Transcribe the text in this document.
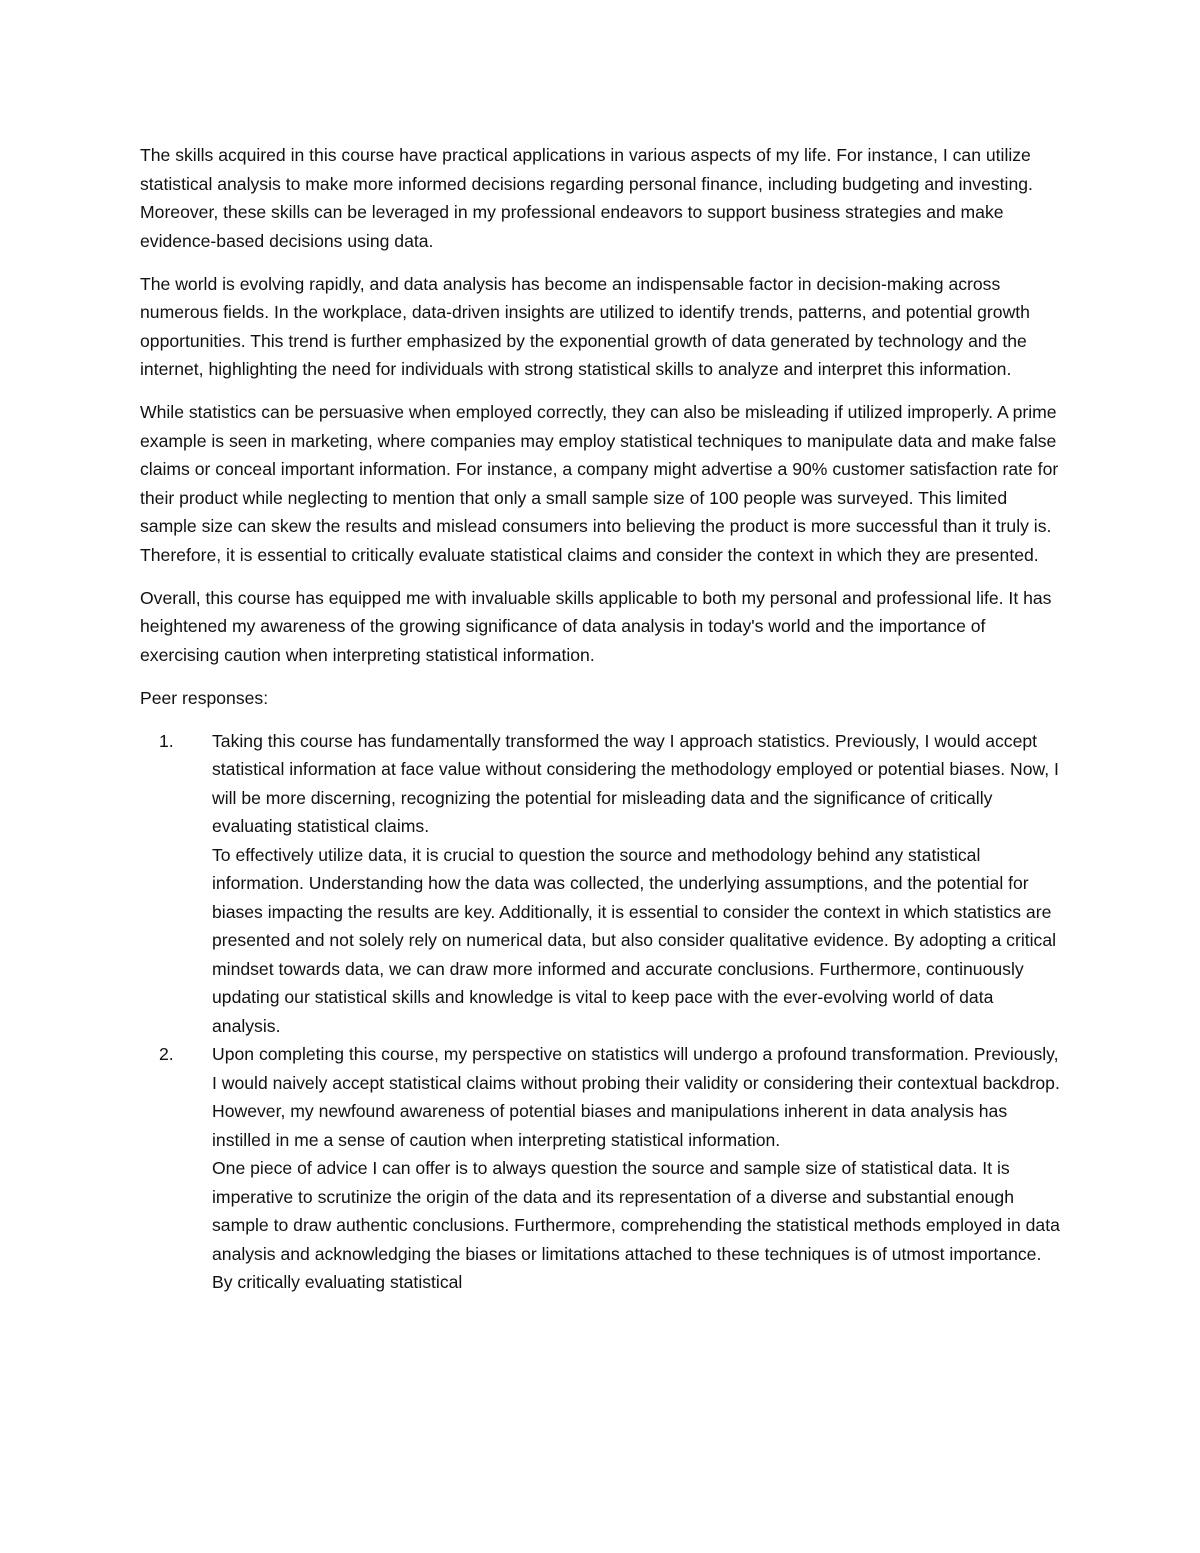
The skills acquired in this course have practical applications in various aspects of my life. For instance, I can utilize statistical analysis to make more informed decisions regarding personal finance, including budgeting and investing. Moreover, these skills can be leveraged in my professional endeavors to support business strategies and make evidence-based decisions using data.

The world is evolving rapidly, and data analysis has become an indispensable factor in decision-making across numerous fields. In the workplace, data-driven insights are utilized to identify trends, patterns, and potential growth opportunities. This trend is further emphasized by the exponential growth of data generated by technology and the internet, highlighting the need for individuals with strong statistical skills to analyze and interpret this information.

While statistics can be persuasive when employed correctly, they can also be misleading if utilized improperly. A prime example is seen in marketing, where companies may employ statistical techniques to manipulate data and make false claims or conceal important information. For instance, a company might advertise a 90% customer satisfaction rate for their product while neglecting to mention that only a small sample size of 100 people was surveyed. This limited sample size can skew the results and mislead consumers into believing the product is more successful than it truly is. Therefore, it is essential to critically evaluate statistical claims and consider the context in which they are presented.

Overall, this course has equipped me with invaluable skills applicable to both my personal and professional life. It has heightened my awareness of the growing significance of data analysis in today's world and the importance of exercising caution when interpreting statistical information.

Peer responses:

1. Taking this course has fundamentally transformed the way I approach statistics. Previously, I would accept statistical information at face value without considering the methodology employed or potential biases. Now, I will be more discerning, recognizing the potential for misleading data and the significance of critically evaluating statistical claims.
To effectively utilize data, it is crucial to question the source and methodology behind any statistical information. Understanding how the data was collected, the underlying assumptions, and the potential for biases impacting the results are key. Additionally, it is essential to consider the context in which statistics are presented and not solely rely on numerical data, but also consider qualitative evidence. By adopting a critical mindset towards data, we can draw more informed and accurate conclusions. Furthermore, continuously updating our statistical skills and knowledge is vital to keep pace with the ever-evolving world of data analysis.
2. Upon completing this course, my perspective on statistics will undergo a profound transformation. Previously, I would naively accept statistical claims without probing their validity or considering their contextual backdrop. However, my newfound awareness of potential biases and manipulations inherent in data analysis has instilled in me a sense of caution when interpreting statistical information.
One piece of advice I can offer is to always question the source and sample size of statistical data. It is imperative to scrutinize the origin of the data and its representation of a diverse and substantial enough sample to draw authentic conclusions. Furthermore, comprehending the statistical methods employed in data analysis and acknowledging the biases or limitations attached to these techniques is of utmost importance. By critically evaluating statistical
